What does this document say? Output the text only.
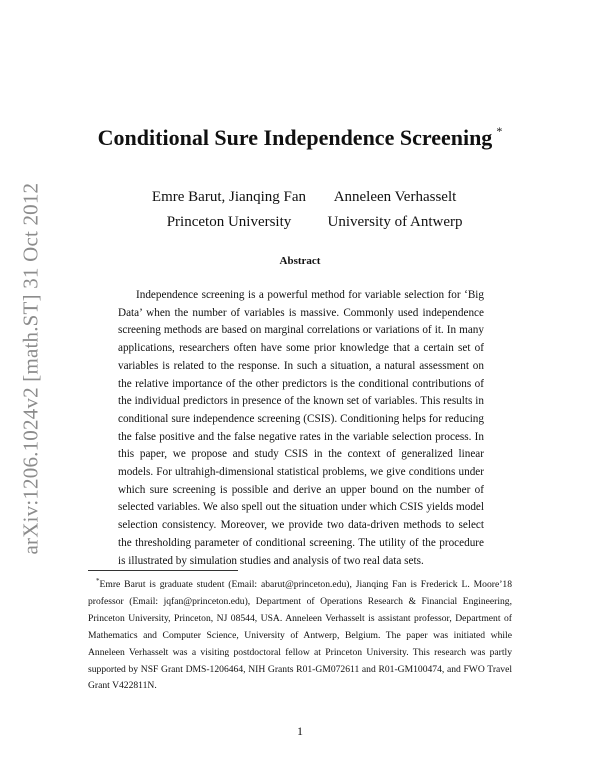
arXiv:1206.1024v2 [math.ST] 31 Oct 2012
Conditional Sure Independence Screening *
Emre Barut, Jianqing Fan
Princeton University
Anneleen Verhasselt
University of Antwerp
Abstract

Independence screening is a powerful method for variable selection for ‘Big Data’ when the number of variables is massive. Commonly used independence screening methods are based on marginal correlations or variations of it. In many applications, researchers often have some prior knowledge that a certain set of variables is related to the response. In such a situation, a natural assessment on the relative importance of the other predictors is the conditional contributions of the individual predictors in presence of the known set of variables. This results in conditional sure independence screening (CSIS). Conditioning helps for reducing the false positive and the false negative rates in the variable selection process. In this paper, we propose and study CSIS in the context of generalized linear models. For ultrahigh-dimensional statistical problems, we give conditions under which sure screening is possible and derive an upper bound on the number of selected variables. We also spell out the situation under which CSIS yields model selection consistency. Moreover, we provide two data-driven methods to select the thresholding parameter of conditional screening. The utility of the procedure is illustrated by simulation studies and analysis of two real data sets.

*Emre Barut is graduate student (Email: abarut@princeton.edu), Jianqing Fan is Frederick L. Moore’18 professor (Email: jqfan@princeton.edu), Department of Operations Research & Financial Engineering, Princeton University, Princeton, NJ 08544, USA. Anneleen Verhasselt is assistant professor, Department of Mathematics and Computer Science, University of Antwerp, Belgium. The paper was initiated while Anneleen Verhasselt was a visiting postdoctoral fellow at Princeton University. This research was partly supported by NSF Grant DMS-1206464, NIH Grants R01-GM072611 and R01-GM100474, and FWO Travel Grant V422811N.

1
